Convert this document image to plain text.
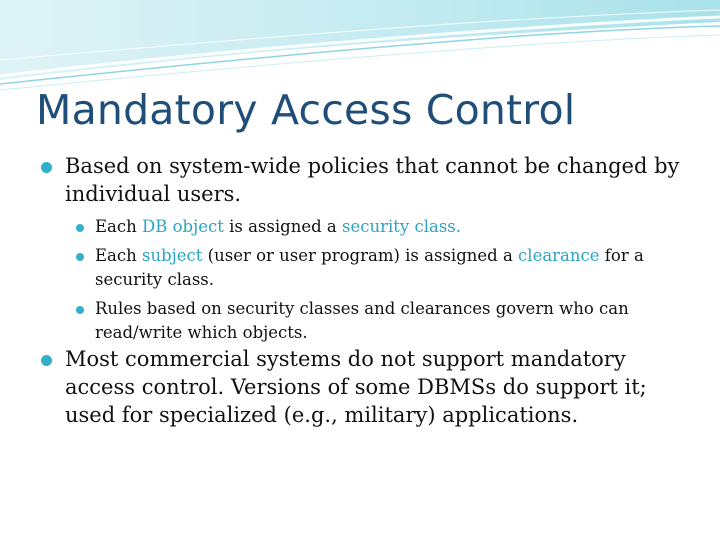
Mandatory Access Control

Based on system-wide policies that cannot be changed by individual users.

Each DB object is assigned a security class.

Each subject (user or user program) is assigned a clearance for a security class.

Rules based on security classes and clearances govern who can read/write which objects.

Most commercial systems do not support mandatory access control. Versions of some DBMSs do support it; used for specialized (e.g., military) applications.
